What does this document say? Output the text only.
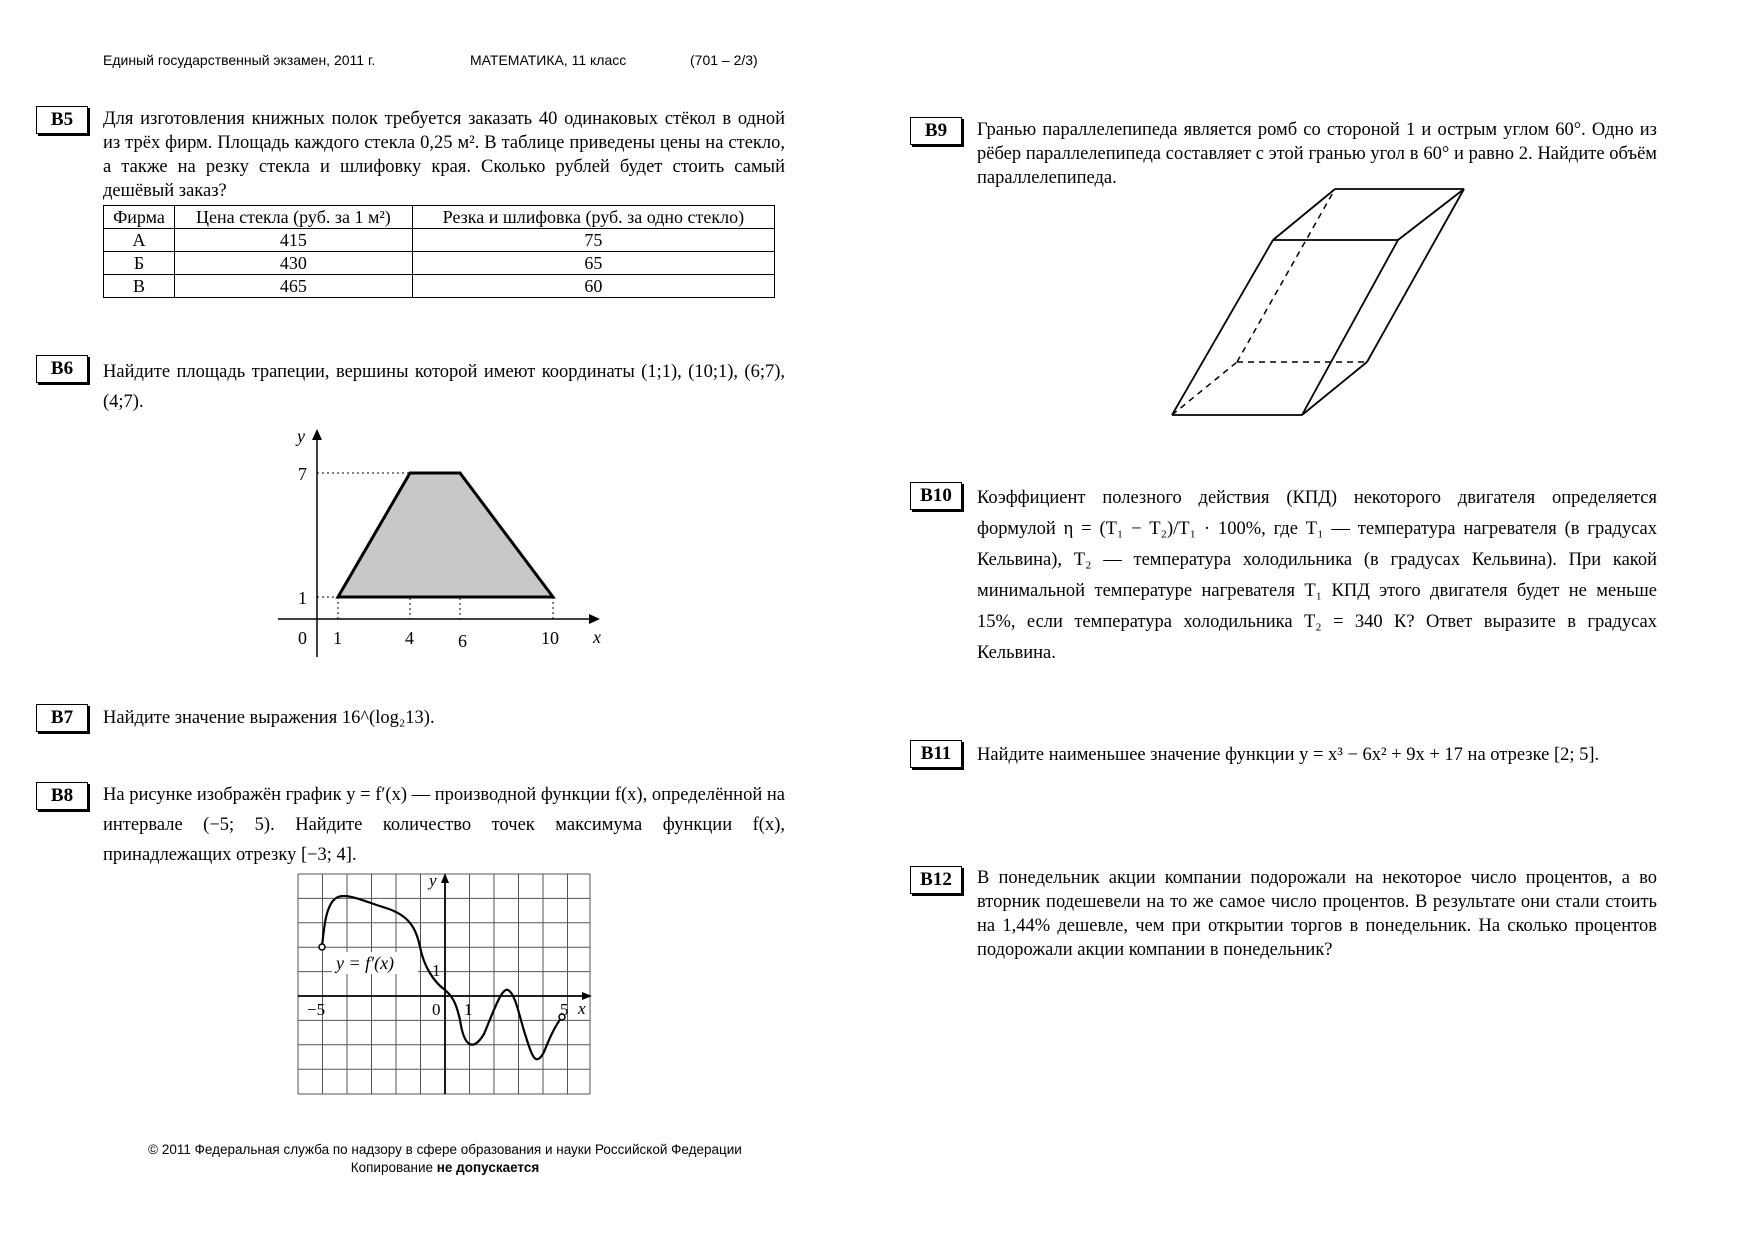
Единый государственный экзамен, 2011 г.	МАТЕМАТИКА, 11 класс	(701 – 2/3)
B5	Для изготовления книжных полок требуется заказать 40 одинаковых стёкол в одной из трёх фирм. Площадь каждого стекла 0,25 м². В таблице приведены цены на стекло, а также на резку стекла и шлифовку края. Сколько рублей будет стоить самый дешёвый заказ?
Фирма	Цена стекла (руб. за 1 м²)	Резка и шлифовка (руб. за одно стекло)
А	415	75
Б	430	65
В	465	60
B6	Найдите площадь трапеции, вершины которой имеют координаты (1;1), (10;1), (6;7), (4;7).
y
x
7
1
0 1	4 6	10
B7	Найдите значение выражения 16^(log₂13).
B8	На рисунке изображён график y = f′(x) — производной функции f(x), определённой на интервале (−5; 5). Найдите количество точек максимума функции f(x), принадлежащих отрезку [−3; 4].
y = f′(x)
y
x
1
−5	0 1	5
© 2011 Федеральная служба по надзору в сфере образования и науки Российской Федерации
Копирование не допускается
B9	Гранью параллелепипеда является ромб со стороной 1 и острым углом 60°. Одно из рёбер параллелепипеда составляет с этой гранью угол в 60° и равно 2. Найдите объём параллелепипеда.
B10	Коэффициент полезного действия (КПД) некоторого двигателя определяется формулой η = (T₁ − T₂)/T₁ · 100%, где T₁ — температура нагревателя (в градусах Кельвина), T₂ — температура холодильника (в градусах Кельвина). При какой минимальной температуре нагревателя T₁ КПД этого двигателя будет не меньше 15%, если температура холодильника T₂ = 340 К? Ответ выразите в градусах Кельвина.
B11	Найдите наименьшее значение функции y = x³ − 6x² + 9x + 17 на отрезке [2; 5].
B12	В понедельник акции компании подорожали на некоторое число процентов, а во вторник подешевели на то же самое число процентов. В результате они стали стоить на 1,44% дешевле, чем при открытии торгов в понедельник. На сколько процентов подорожали акции компании в понедельник?
